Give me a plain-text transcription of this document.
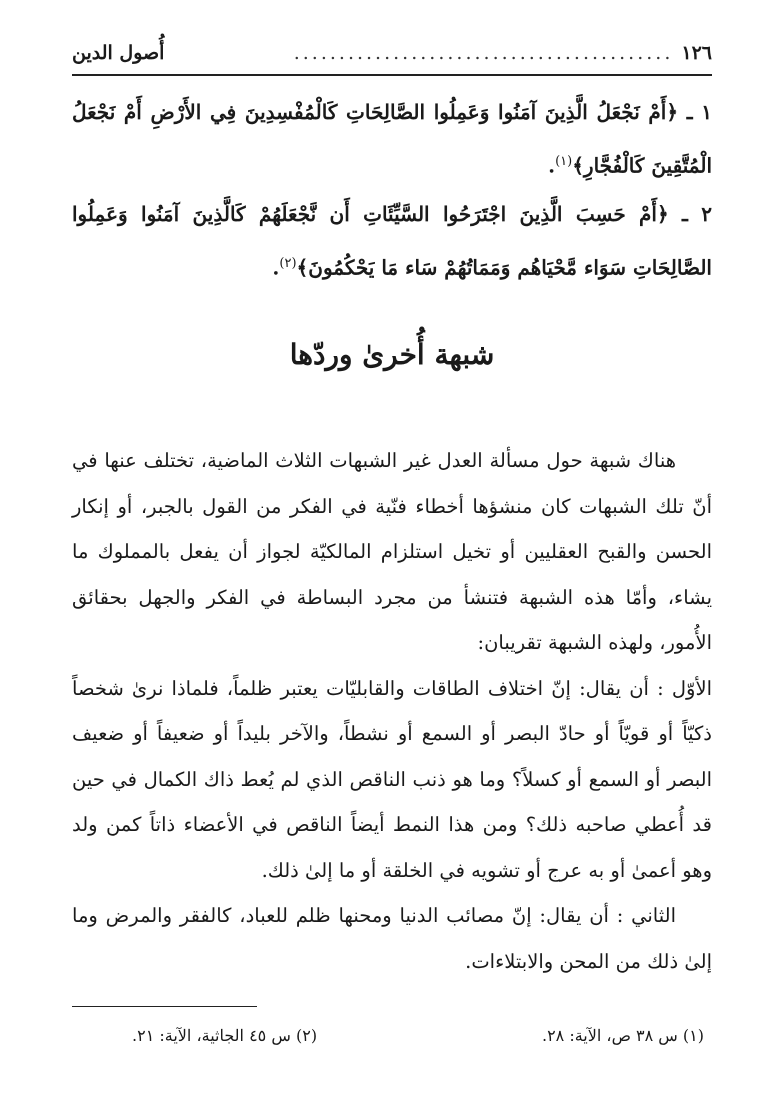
١٢٦
..........................................
أُصول الدين
١ ـ ﴿أَمْ نَجْعَلُ الَّذِينَ آمَنُوا وَعَمِلُوا الصَّالِحَاتِ كَالْمُفْسِدِينَ فِي الأَرْضِ أَمْ نَجْعَلُ الْمُتَّقِينَ كَالْفُجَّارِ﴾$^{(١)}$.
٢ ـ ﴿أَمْ حَسِبَ الَّذِينَ اجْتَرَحُوا السَّيِّئَاتِ أَن نَّجْعَلَهُمْ كَالَّذِينَ آمَنُوا وَعَمِلُوا الصَّالِحَاتِ سَوَاء مَّحْيَاهُم وَمَمَاتُهُمْ سَاء مَا يَحْكُمُونَ﴾$^{(٢)}$.
شبهة أُخرىٰ وردّها

هناك شبهة حول مسألة العدل غير الشبهات الثلاث الماضية، تختلف عنها في أنّ تلك الشبهات كان منشؤها أخطاء فنّية في الفكر من القول بالجبر، أو إنكار الحسن والقبح العقليين أو تخيل استلزام المالكيّة لجواز أن يفعل بالمملوك ما يشاء، وأمّا هذه الشبهة فتنشأ من مجرد البساطة في الفكر والجهل بحقائق الأُمور، ولهذه الشبهة تقريبان:

الأوّل : أن يقال: إنّ اختلاف الطاقات والقابليّات يعتبر ظلماً، فلماذا نرىٰ شخصاً ذكيّاً أو قويّاً أو حادّ البصر أو السمع أو نشطاً، والآخر بليداً أو ضعيفاً أو ضعيف البصر أو السمع أو كسلاً؟ وما هو ذنب الناقص الذي لم يُعط ذاك الكمال في حين قد أُعطي صاحبه ذلك؟ ومن هذا النمط أيضاً الناقص في الأعضاء ذاتاً كمن ولد وهو أعمىٰ أو به عرج أو تشويه في الخلقة أو ما إلىٰ ذلك.

الثاني : أن يقال: إنّ مصائب الدنيا ومحنها ظلم للعباد، كالفقر والمرض وما إلىٰ ذلك من المحن والابتلاءات.

(١) س ٣٨ ص، الآية: ٢٨.
(٢) س ٤٥ الجاثية، الآية: ٢١.
